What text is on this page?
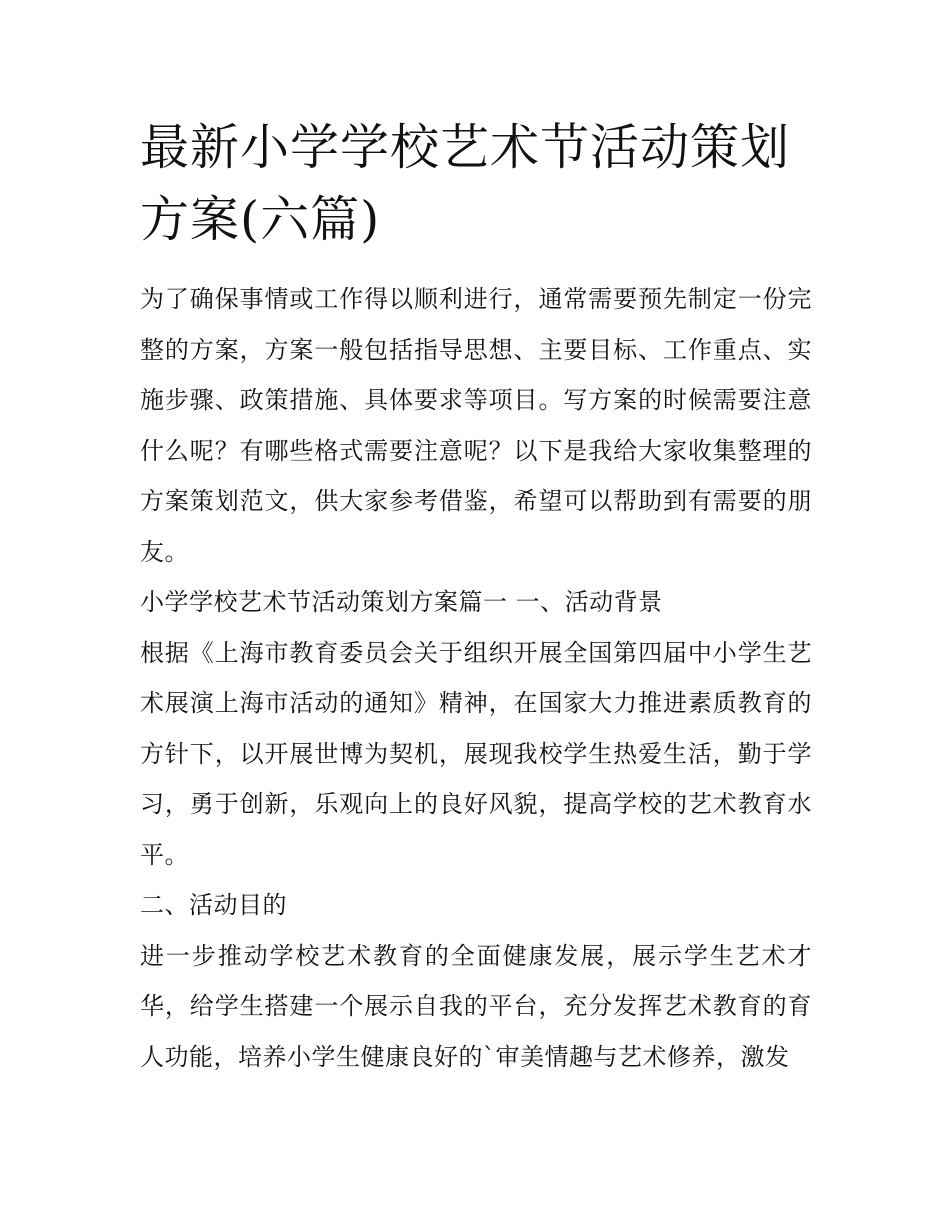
最新小学学校艺术节活动策划方案(六篇)

为了确保事情或工作得以顺利进行，通常需要预先制定一份完整的方案，方案一般包括指导思想、主要目标、工作重点、实施步骤、政策措施、具体要求等项目。写方案的时候需要注意什么呢？有哪些格式需要注意呢？以下是我给大家收集整理的方案策划范文，供大家参考借鉴，希望可以帮助到有需要的朋友。

小学学校艺术节活动策划方案篇一 一、活动背景

根据《上海市教育委员会关于组织开展全国第四届中小学生艺术展演上海市活动的通知》精神，在国家大力推进素质教育的方针下，以开展世博为契机，展现我校学生热爱生活，勤于学习，勇于创新，乐观向上的良好风貌，提高学校的艺术教育水平。

二、活动目的

进一步推动学校艺术教育的全面健康发展，展示学生艺术才华，给学生搭建一个展示自我的平台，充分发挥艺术教育的育人功能，培养小学生健康良好的`审美情趣与艺术修养，激发
